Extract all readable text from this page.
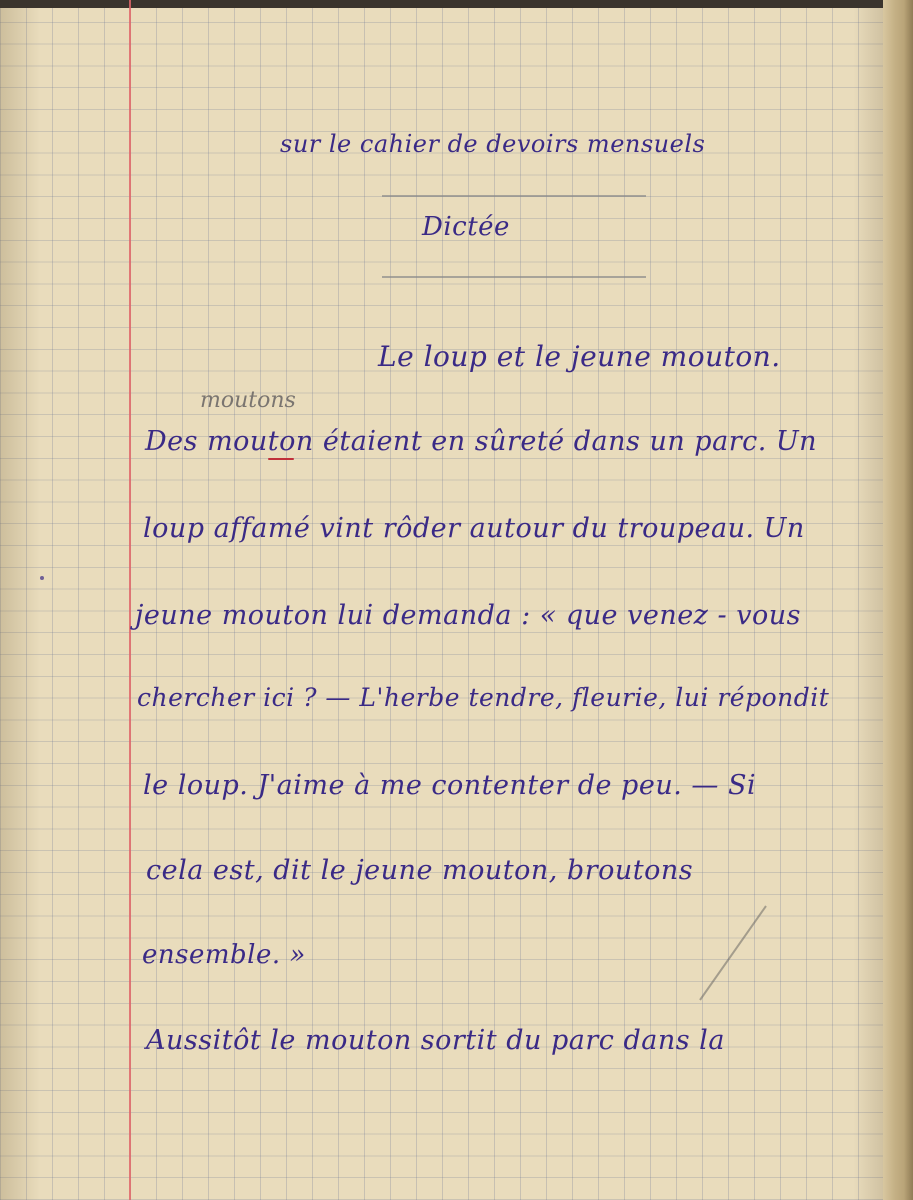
sur le cahier de devoirs mensuels
Dictée
Le loup et le jeune mouton.
moutons
Des mouton étaient en sûreté dans un parc. Un
loup affamé vint rôder autour du troupeau. Un
jeune mouton lui demanda : « que venez - vous
chercher ici ? — L'herbe tendre, fleurie, lui répondit
le loup. J'aime à me contenter de peu. — Si
cela est, dit le jeune mouton, broutons
ensemble. »
Aussitôt le mouton sortit du parc dans la
